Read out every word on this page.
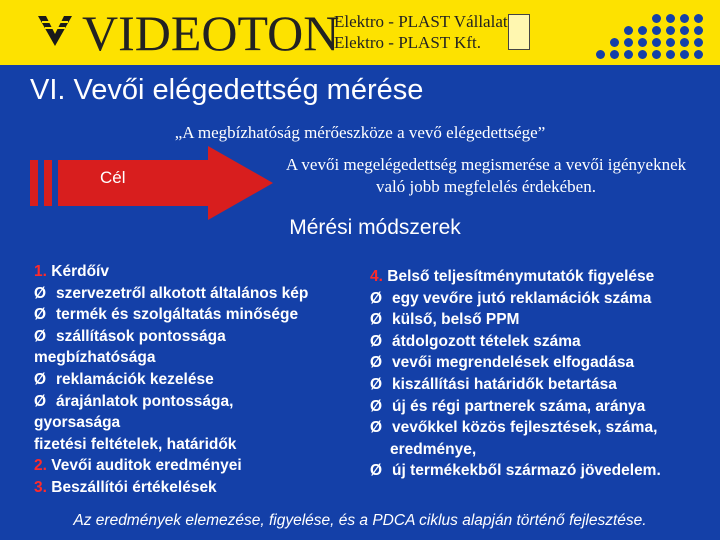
VIDEOTON
Elektro - PLAST Vállalat
Elektro - PLAST Kft.
VI. Vevői elégedettség mérése
„A megbízhatóság mérőeszköze a vevő elégedettsége”
Cél
A vevői megelégedettség megismerése a vevői igényeknek való jobb megfelelés érdekében.
Mérési módszerek
1. Kérdőív
Ø szervezetről alkotott általános kép
Ø termék és szolgáltatás minősége
Ø szállítások pontossága
megbízhatósága
Ø reklamációk kezelése
Ø árajánlatok pontossága,
gyorsasága
fizetési feltételek, határidők
2. Vevői auditok eredményei
3. Beszállítói értékelések
4. Belső teljesítménymutatók figyelése
Ø egy vevőre jutó reklamációk száma
Ø külső, belső PPM
Ø átdolgozott tételek száma
Ø vevői megrendelések elfogadása
Ø kiszállítási határidők betartása
Ø új és régi partnerek száma, aránya
Ø vevőkkel közös fejlesztések, száma,
eredménye,
Ø új termékekből származó jövedelem.
Az eredmények elemezése, figyelése, és a PDCA ciklus alapján történő fejlesztése.
